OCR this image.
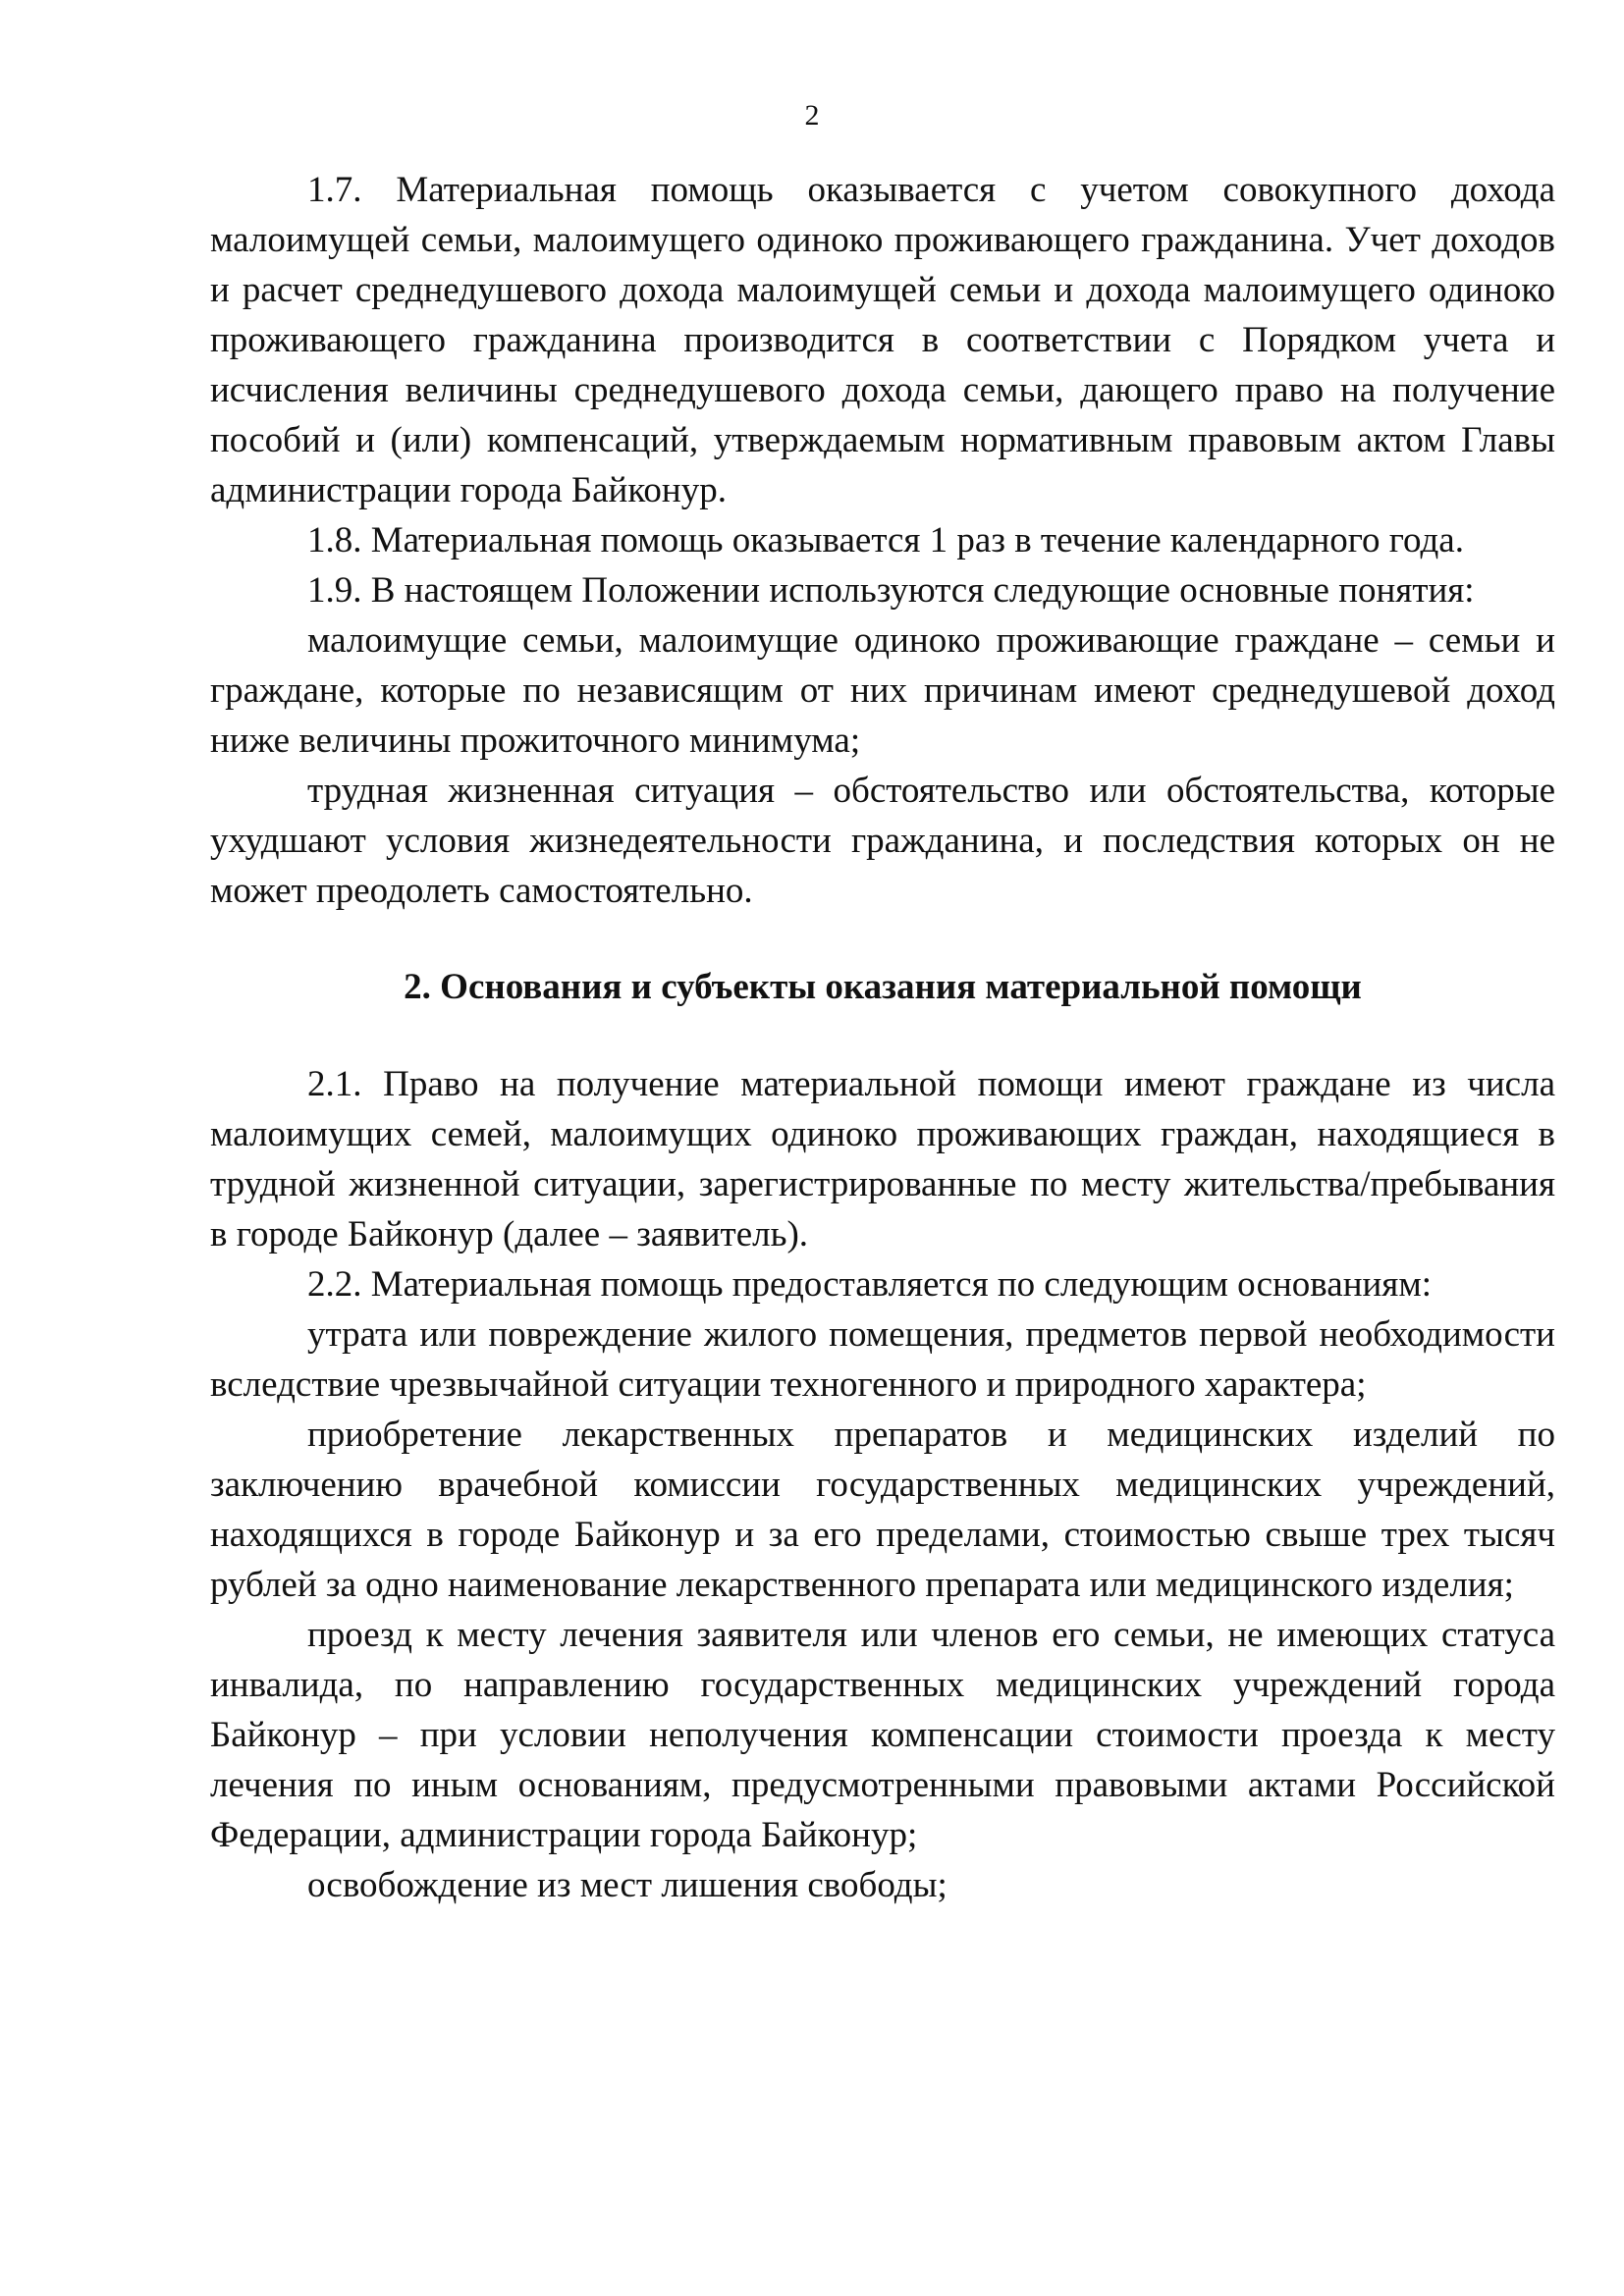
2

1.7. Материальная помощь оказывается с учетом совокупного дохода малоимущей семьи, малоимущего одиноко проживающего гражданина. Учет доходов и расчет среднедушевого дохода малоимущей семьи и дохода малоимущего одиноко проживающего гражданина производится в соответствии с Порядком учета и исчисления величины среднедушевого дохода семьи, дающего право на получение пособий и (или) компенсаций, утверждаемым нормативным правовым актом Главы администрации города Байконур.

1.8. Материальная помощь оказывается 1 раз в течение календарного года.

1.9. В настоящем Положении используются следующие основные понятия:

малоимущие семьи, малоимущие одиноко проживающие граждане – семьи и граждане, которые по независящим от них причинам имеют среднедушевой доход ниже величины прожиточного минимума;

трудная жизненная ситуация – обстоятельство или обстоятельства, которые ухудшают условия жизнедеятельности гражданина, и последствия которых он не может преодолеть самостоятельно.

2. Основания и субъекты оказания материальной помощи

2.1. Право на получение материальной помощи имеют граждане из числа малоимущих семей, малоимущих одиноко проживающих граждан, находящиеся в трудной жизненной ситуации, зарегистрированные по месту жительства/пребывания в городе Байконур (далее – заявитель).

2.2. Материальная помощь предоставляется по следующим основаниям:

утрата или повреждение жилого помещения, предметов первой необходимости вследствие чрезвычайной ситуации техногенного и природного характера;

приобретение лекарственных препаратов и медицинских изделий по заключению врачебной комиссии государственных медицинских учреждений, находящихся в городе Байконур и за его пределами, стоимостью свыше трех тысяч рублей за одно наименование лекарственного препарата или медицинского изделия;

проезд к месту лечения заявителя или членов его семьи, не имеющих статуса инвалида, по направлению государственных медицинских учреждений города Байконур – при условии неполучения компенсации стоимости проезда к месту лечения по иным основаниям, предусмотренными правовыми актами Российской Федерации, администрации города Байконур;

освобождение из мест лишения свободы;
